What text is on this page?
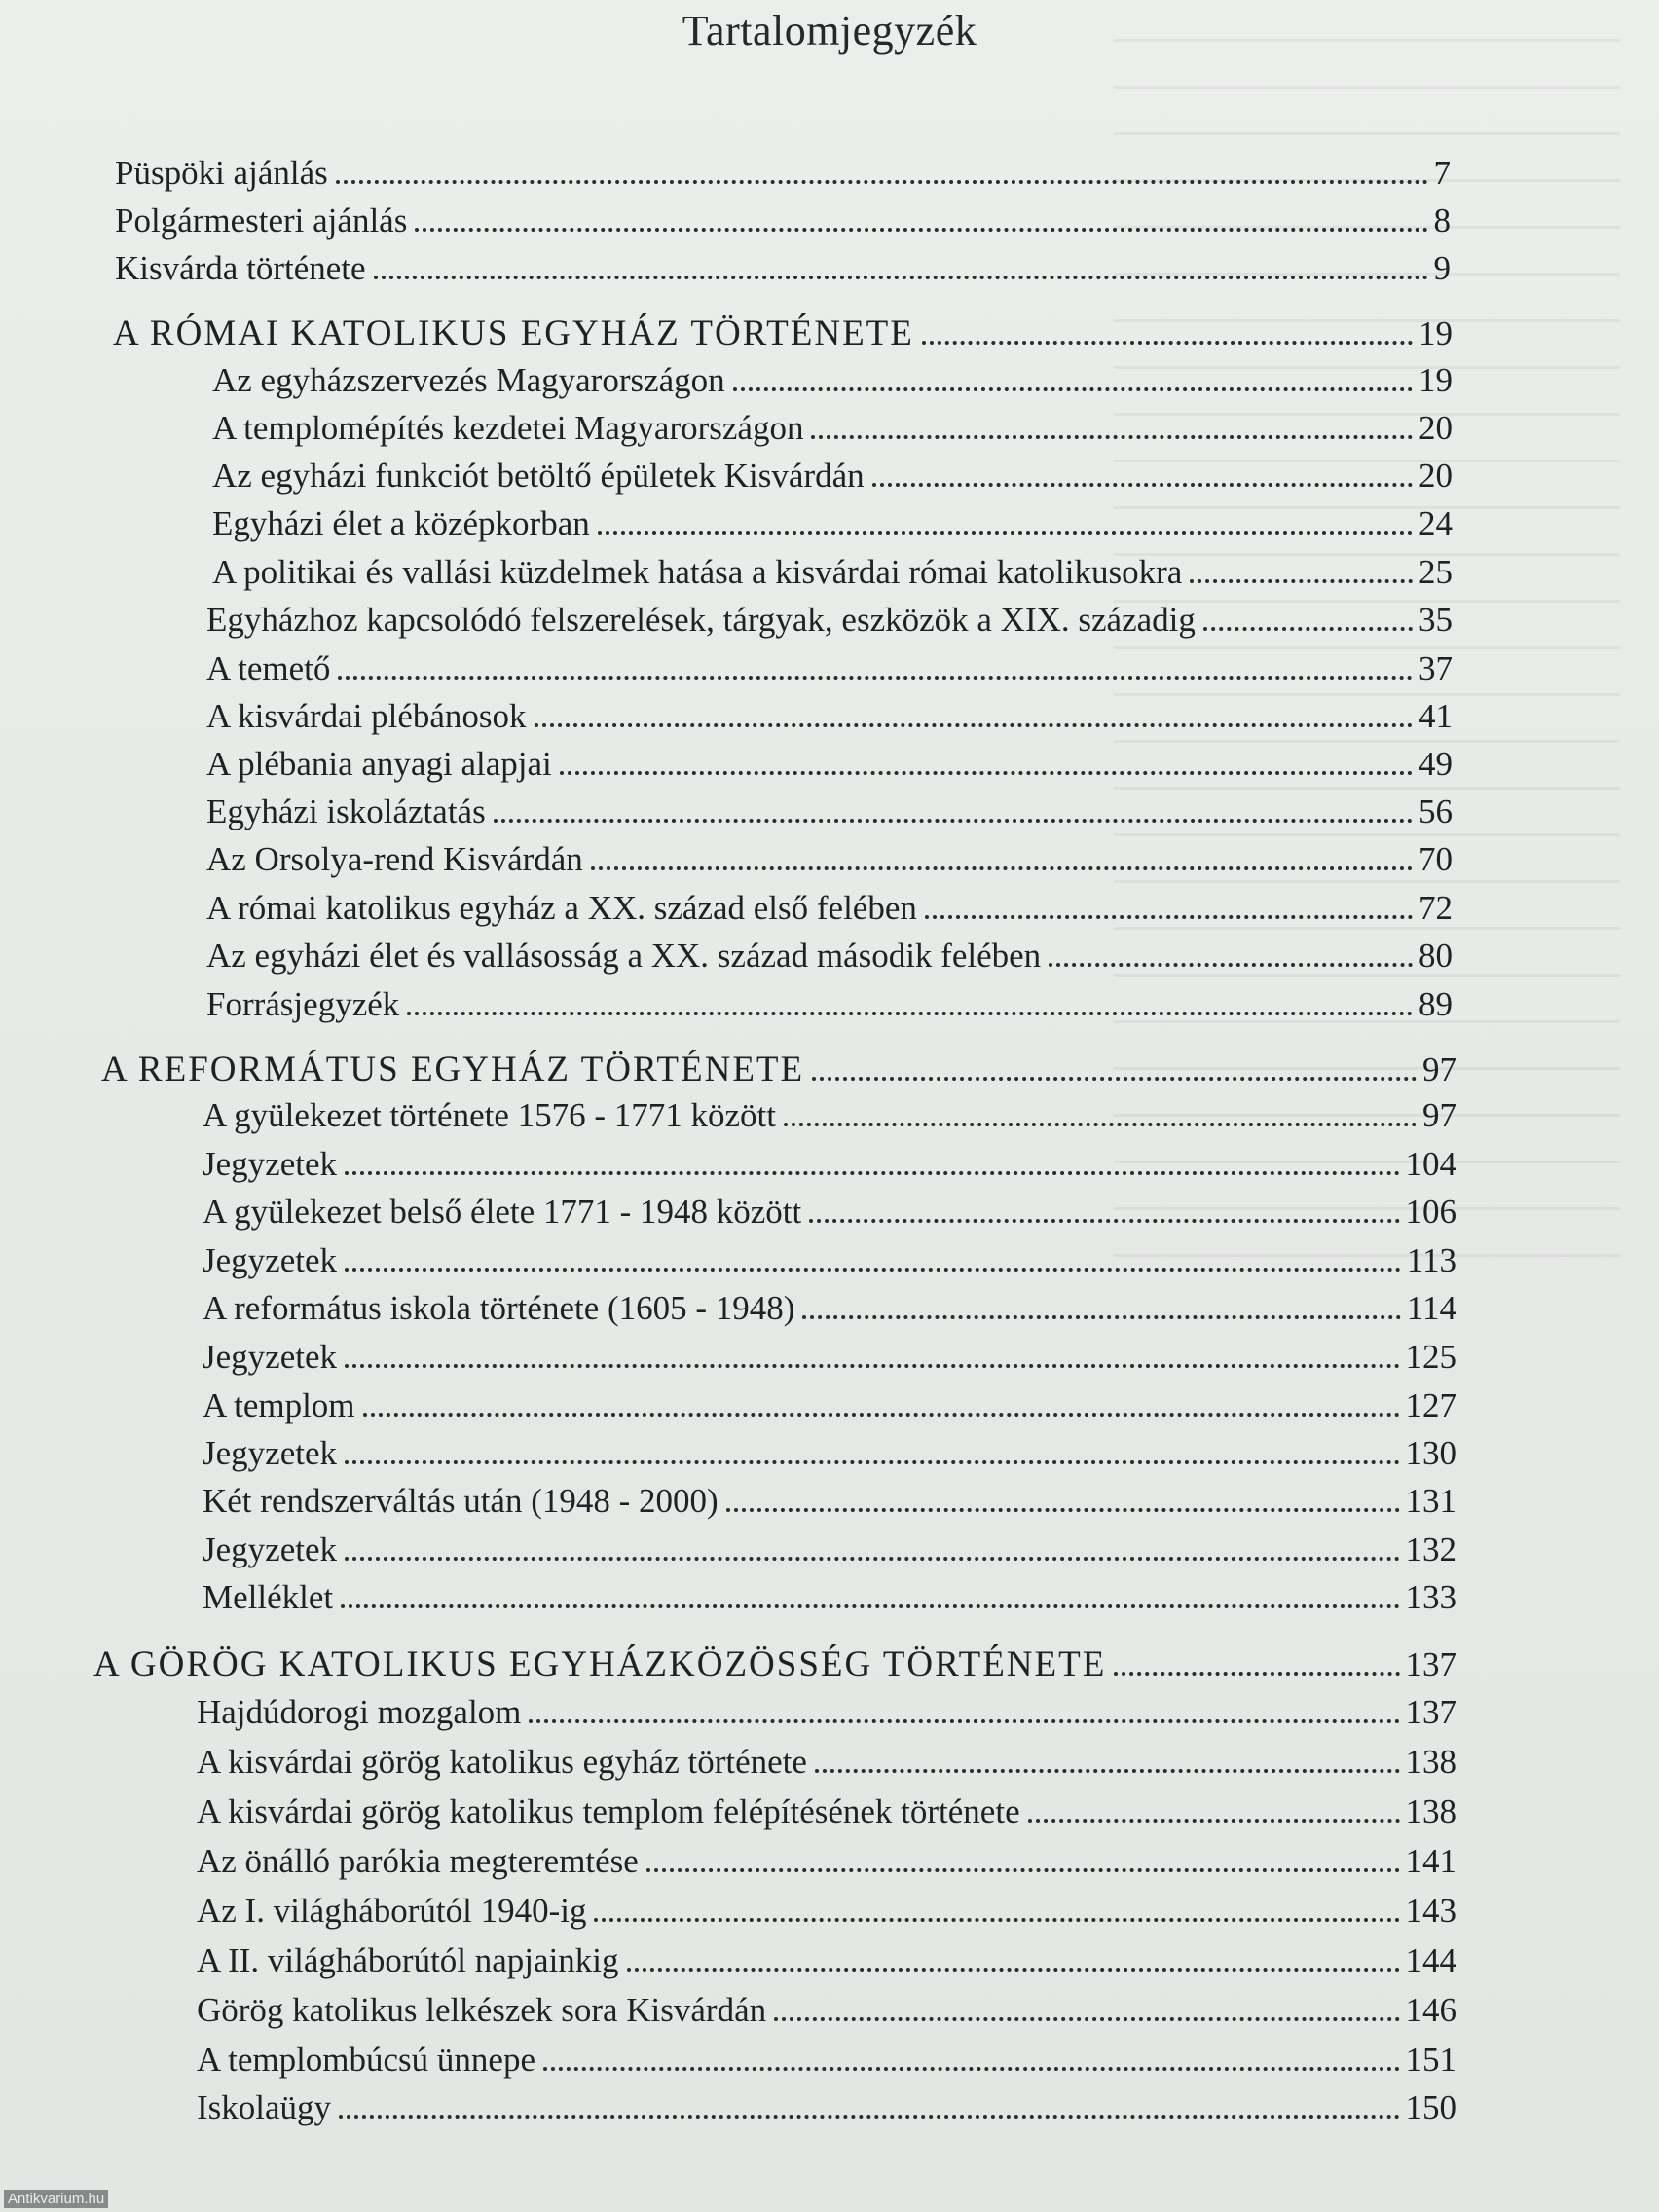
Tartalomjegyzék
Püspöki ajánlás	7
Polgármesteri ajánlás	8
Kisvárda története	9
A RÓMAI KATOLIKUS EGYHÁZ TÖRTÉNETE	19
Az egyházszervezés Magyarországon	19
A templomépítés kezdetei Magyarországon	20
Az egyházi funkciót betöltő épületek Kisvárdán	20
Egyházi élet a középkorban	24
A politikai és vallási küzdelmek hatása a kisvárdai római katolikusokra	25
Egyházhoz kapcsolódó felszerelések, tárgyak, eszközök a XIX. századig	35
A temető	37
A kisvárdai plébánosok	41
A plébania anyagi alapjai	49
Egyházi iskoláztatás	56
Az Orsolya-rend Kisvárdán	70
A római katolikus egyház a XX. század első felében	72
Az egyházi élet és vallásosság a XX. század második felében	80
Forrásjegyzék	89
A REFORMÁTUS EGYHÁZ TÖRTÉNETE	97
A gyülekezet története 1576 - 1771 között	97
Jegyzetek	104
A gyülekezet belső élete 1771 - 1948 között	106
Jegyzetek	113
A református iskola története (1605 - 1948)	114
Jegyzetek	125
A templom	127
Jegyzetek	130
Két rendszerváltás után (1948 - 2000)	131
Jegyzetek	132
Melléklet	133
A GÖRÖG KATOLIKUS EGYHÁZKÖZÖSSÉG TÖRTÉNETE	137
Hajdúdorogi mozgalom	137
A kisvárdai görög katolikus egyház története	138
A kisvárdai görög katolikus templom felépítésének története	138
Az önálló parókia megteremtése	141
Az I. világháborútól 1940-ig	143
A II. világháborútól napjainkig	144
Görög katolikus lelkészek sora Kisvárdán	146
A templombúcsú ünnepe	151
Iskolaügy	150
Antikvarium.hu
